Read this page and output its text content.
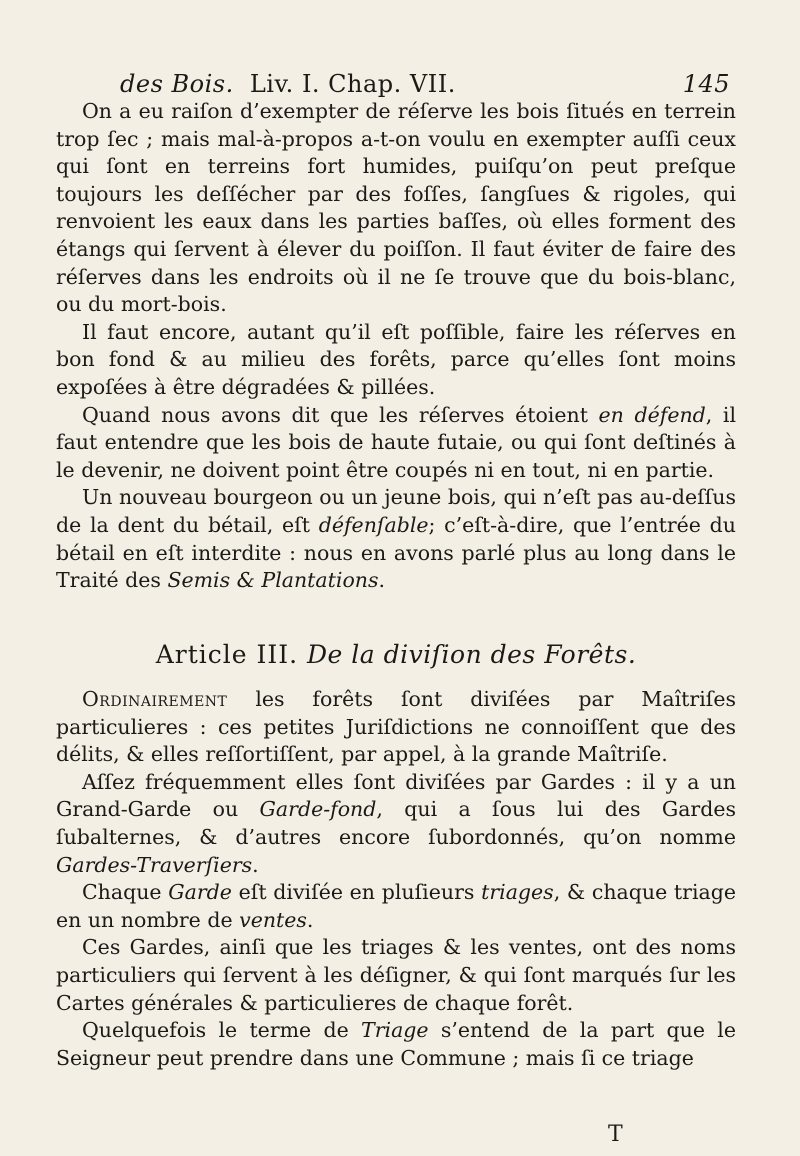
des Bois. Liv. I. Chap. VII.	145

On a eu raiſon d’exempter de réſerve les bois ſitués en terrein trop ſec ; mais mal-à-propos a-t-on voulu en exempter auſſi ceux qui ſont en terreins fort humides, puiſqu’on peut preſque toujours les deſſécher par des foſſes, ſangſues & rigoles, qui renvoient les eaux dans les parties baſſes, où elles forment des étangs qui ſervent à élever du poiſſon. Il faut éviter de faire des réſerves dans les endroits où il ne ſe trouve que du bois-blanc, ou du mort-bois.

Il faut encore, autant qu’il eſt poſſible, faire les réſerves en bon fond & au milieu des forêts, parce qu’elles ſont moins expoſées à être dégradées & pillées.

Quand nous avons dit que les réſerves étoient en défend, il faut entendre que les bois de haute futaie, ou qui ſont deſtinés à le devenir, ne doivent point être coupés ni en tout, ni en partie.

Un nouveau bourgeon ou un jeune bois, qui n’eſt pas au-deſſus de la dent du bétail, eſt défenſable; c’eſt-à-dire, que l’entrée du bétail en eſt interdite : nous en avons parlé plus au long dans le Traité des Semis & Plantations.

Article III. De la diviſion des Forêts.

Ordinairement les forêts ſont diviſées par Maîtriſes particulieres : ces petites Juriſdictions ne connoiſſent que des délits, & elles reſſortiſſent, par appel, à la grande Maîtriſe.

Aſſez fréquemment elles ſont diviſées par Gardes : il y a un Grand-Garde ou Garde-fond, qui a ſous lui des Gardes ſubalternes, & d’autres encore ſubordonnés, qu’on nomme Gardes-Traverſiers.

Chaque Garde eſt diviſée en pluſieurs triages, & chaque triage en un nombre de ventes.

Ces Gardes, ainſi que les triages & les ventes, ont des noms particuliers qui ſervent à les déſigner, & qui ſont marqués ſur les Cartes générales & particulieres de chaque forêt.

Quelquefois le terme de Triage s’entend de la part que le Seigneur peut prendre dans une Commune ; mais ſi ce triage

T
